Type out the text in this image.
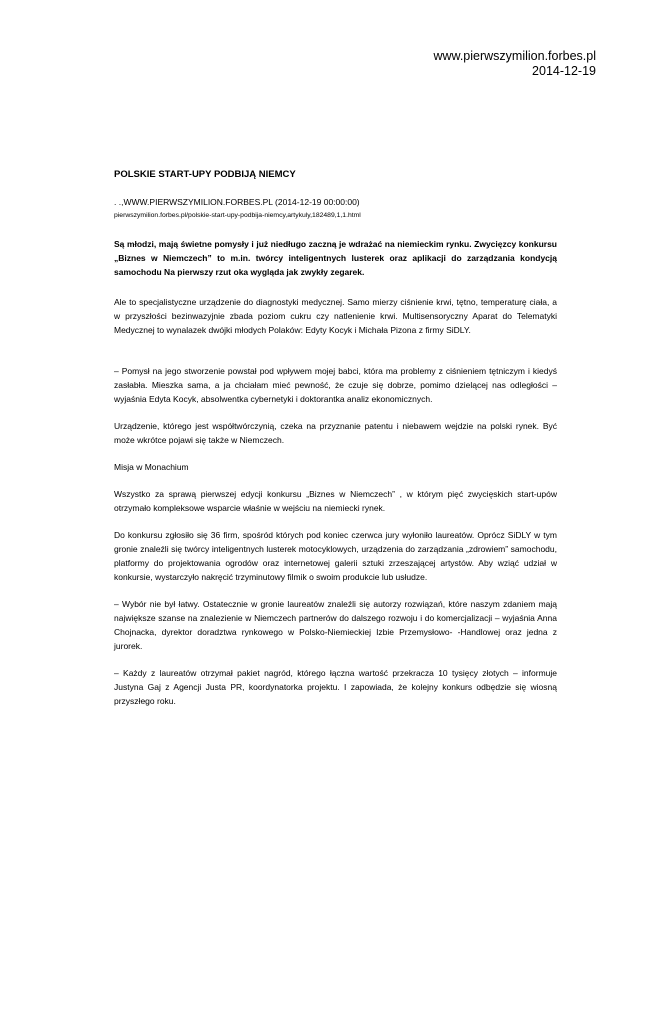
www.pierwszymilion.forbes.pl
2014-12-19
POLSKIE START-UPY PODBIJĄ NIEMCY
. .,WWW.PIERWSZYMILION.FORBES.PL (2014-12-19 00:00:00)
pierwszymilion.forbes.pl/polskie-start-upy-podbija-niemcy,artykuly,182489,1,1.html
Są młodzi, mają świetne pomysły i już niedługo zaczną je wdrażać na niemieckim rynku. Zwycięzcy konkursu „Biznes w Niemczech” to m.in. twórcy inteligentnych lusterek oraz aplikacji do zarządzania kondycją samochodu Na pierwszy rzut oka wygląda jak zwykły zegarek.
Ale to specjalistyczne urządzenie do diagnostyki medycznej. Samo mierzy ciśnienie krwi, tętno, temperaturę ciała, a w przyszłości bezinwazyjnie zbada poziom cukru czy natlenienie krwi. Multisensoryczny Aparat do Telematyki Medycznej to wynalazek dwójki młodych Polaków: Edyty Kocyk i Michała Pizona z firmy SiDLY.
– Pomysł na jego stworzenie powstał pod wpływem mojej babci, która ma problemy z ciśnieniem tętniczym i kiedyś zasłabła. Mieszka sama, a ja chciałam mieć pewność, że czuje się dobrze, pomimo dzielącej nas odległości – wyjaśnia Edyta Kocyk, absolwentka cybernetyki i doktorantka analiz ekonomicznych.
Urządzenie, którego jest współtwórczynią, czeka na przyznanie patentu i niebawem wejdzie na polski rynek. Być może wkrótce pojawi się także w Niemczech.
Misja w Monachium
Wszystko za sprawą pierwszej edycji konkursu „Biznes w Niemczech” , w którym pięć zwycięskich start-upów otrzymało kompleksowe wsparcie właśnie w wejściu na niemiecki rynek.
Do konkursu zgłosiło się 36 firm, spośród których pod koniec czerwca jury wyłoniło laureatów. Oprócz SiDLY w tym gronie znaleźli się twórcy inteligentnych lusterek motocyklowych, urządzenia do zarządzania „zdrowiem” samochodu, platformy do projektowania ogrodów oraz internetowej galerii sztuki zrzeszającej artystów. Aby wziąć udział w konkursie, wystarczyło nakręcić trzyminutowy filmik o swoim produkcie lub usłudze.
– Wybór nie był łatwy. Ostatecznie w gronie laureatów znaleźli się autorzy rozwiązań, które naszym zdaniem mają największe szanse na znalezienie w Niemczech partnerów do dalszego rozwoju i do komercjalizacji – wyjaśnia Anna Chojnacka, dyrektor doradztwa rynkowego w Polsko-Niemieckiej Izbie Przemysłowo- -Handlowej oraz jedna z jurorek.
– Każdy z laureatów otrzymał pakiet nagród, którego łączna wartość przekracza 10 tysięcy złotych – informuje Justyna Gaj z Agencji Justa PR, koordynatorka projektu. I zapowiada, że kolejny konkurs odbędzie się wiosną przyszłego roku.
